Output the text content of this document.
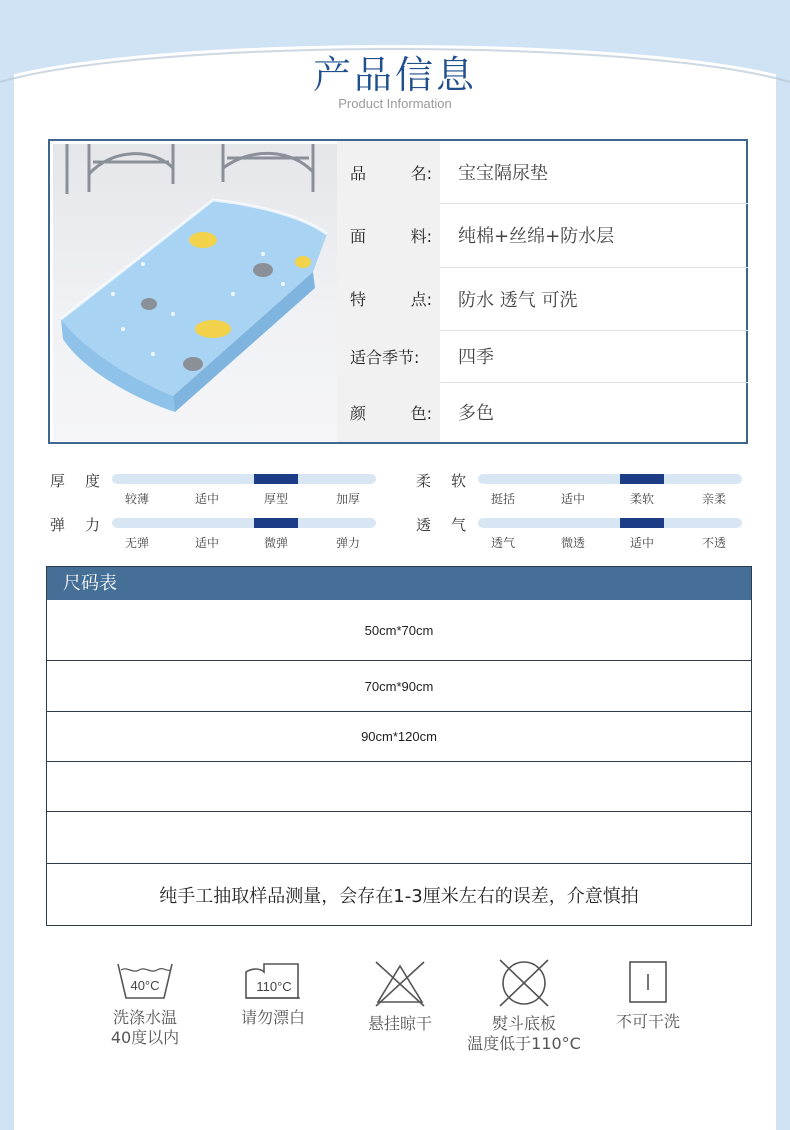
产品信息
Product Information
品	名:	宝宝隔尿垫
面	料:	纯棉+丝绵+防水层
特	点:	防水 透气 可洗
适合季节:	四季
颜	色:	多色
厚 度
较薄	适中	厚型	加厚
柔 软
挺括	适中	柔软	亲柔
弹 力
无弹	适中	微弹	弹力
透 气
透气	微透	适中	不透
尺码表
50cm*70cm
70cm*90cm
90cm*120cm
纯手工抽取样品测量，会存在1-3厘米左右的误差，介意慎拍
40°C
洗涤水温
40度以内
110°C
请勿漂白	悬挂晾干	熨斗底板
温度低于110°C
不可干洗
